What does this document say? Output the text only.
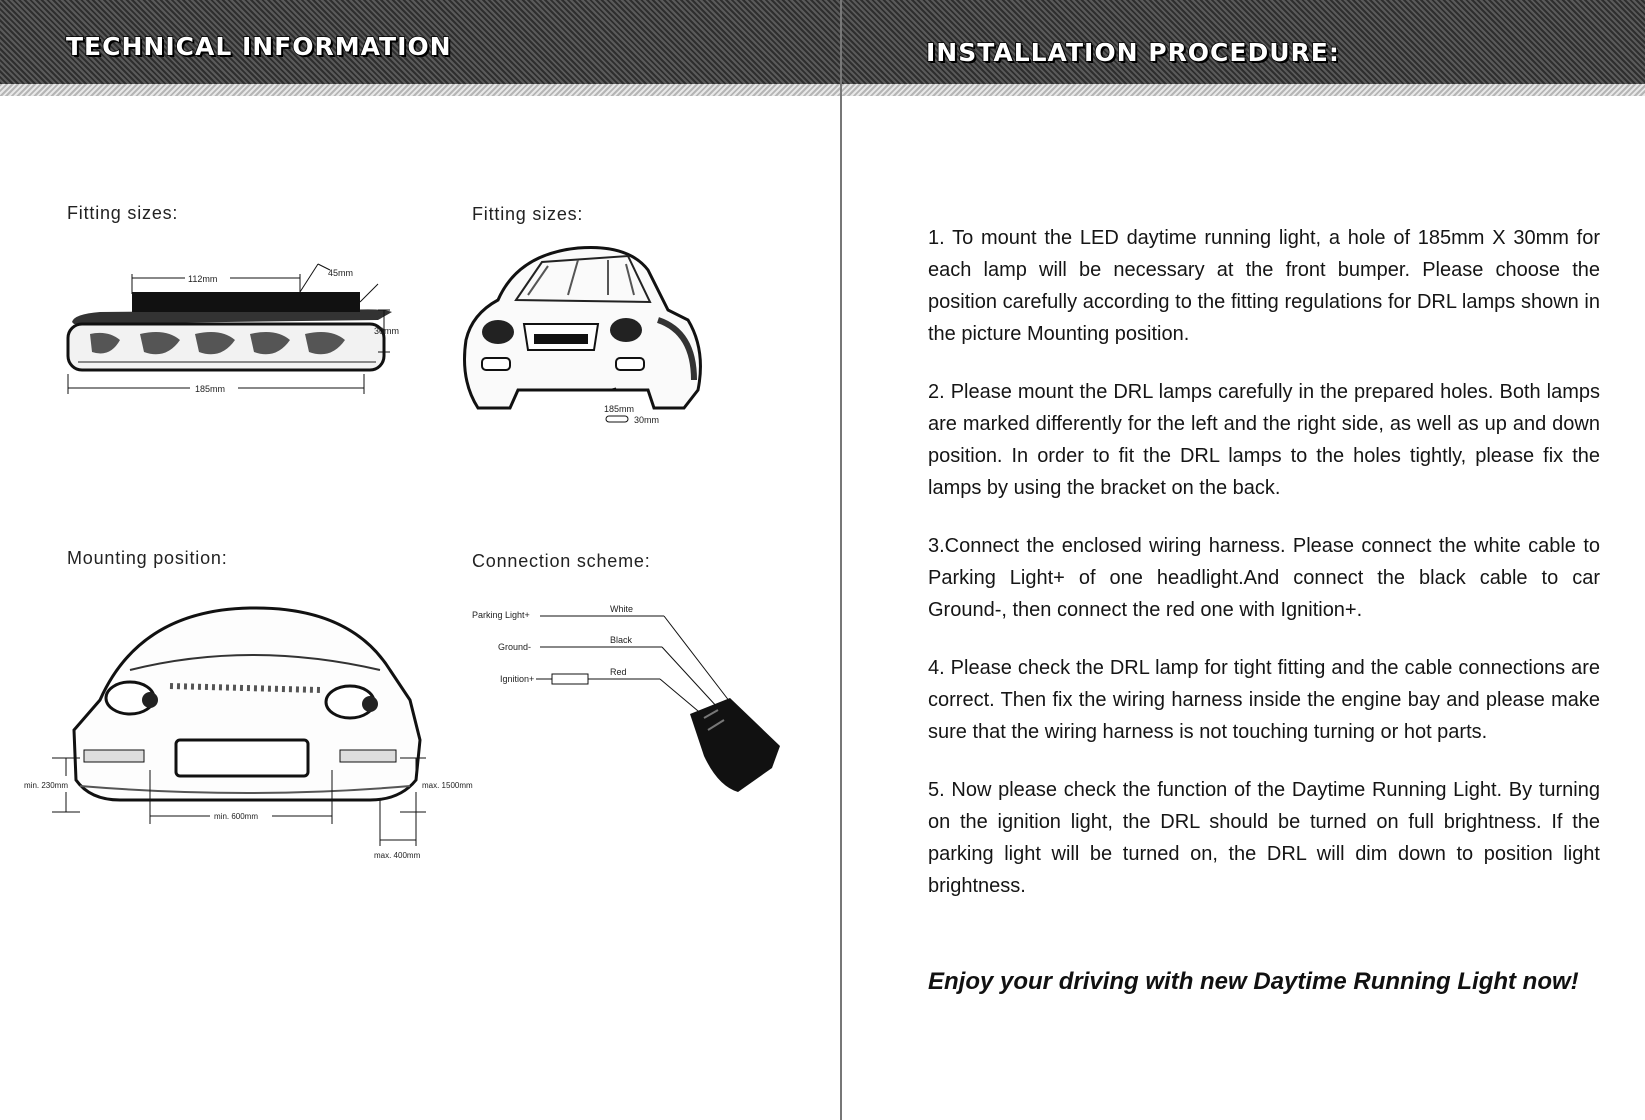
TECHNICAL INFORMATION
Fitting sizes:
112mm
45mm
30mm
185mm
Fitting sizes:
185mm
30mm
Mounting position:
min. 230mm	max. 1500mm
min. 600mm
max. 400mm
Connection scheme:
Parking Light+
Ground-
Ignition+
White
Black
Red
INSTALLATION PROCEDURE:

1. To mount the LED daytime running light, a hole of 185mm X 30mm for each lamp will be necessary at the front bumper. Please choose the position carefully according to the fitting regulations for DRL lamps shown in the picture Mounting position.

2. Please mount the DRL lamps carefully in the prepared holes. Both lamps are marked differently for the left and the right side, as well as up and down position. In order to fit the DRL lamps to the holes tightly, please fix the lamps by using the bracket on the back.

3.Connect the enclosed wiring harness. Please connect the white cable to Parking Light+ of one headlight.And connect the black cable to car Ground-, then connect the red one with Ignition+.

4. Please check the DRL lamp for tight fitting and the cable connections are correct. Then fix the wiring harness inside the engine bay and please make sure that the wiring harness is not touching turning or hot parts.

5. Now please check the function of the Daytime Running Light. By turning on the ignition light, the DRL should be turned on full brightness. If the parking light will be turned on, the DRL will dim down to position light brightness.

Enjoy your driving with new Daytime Running Light now!
